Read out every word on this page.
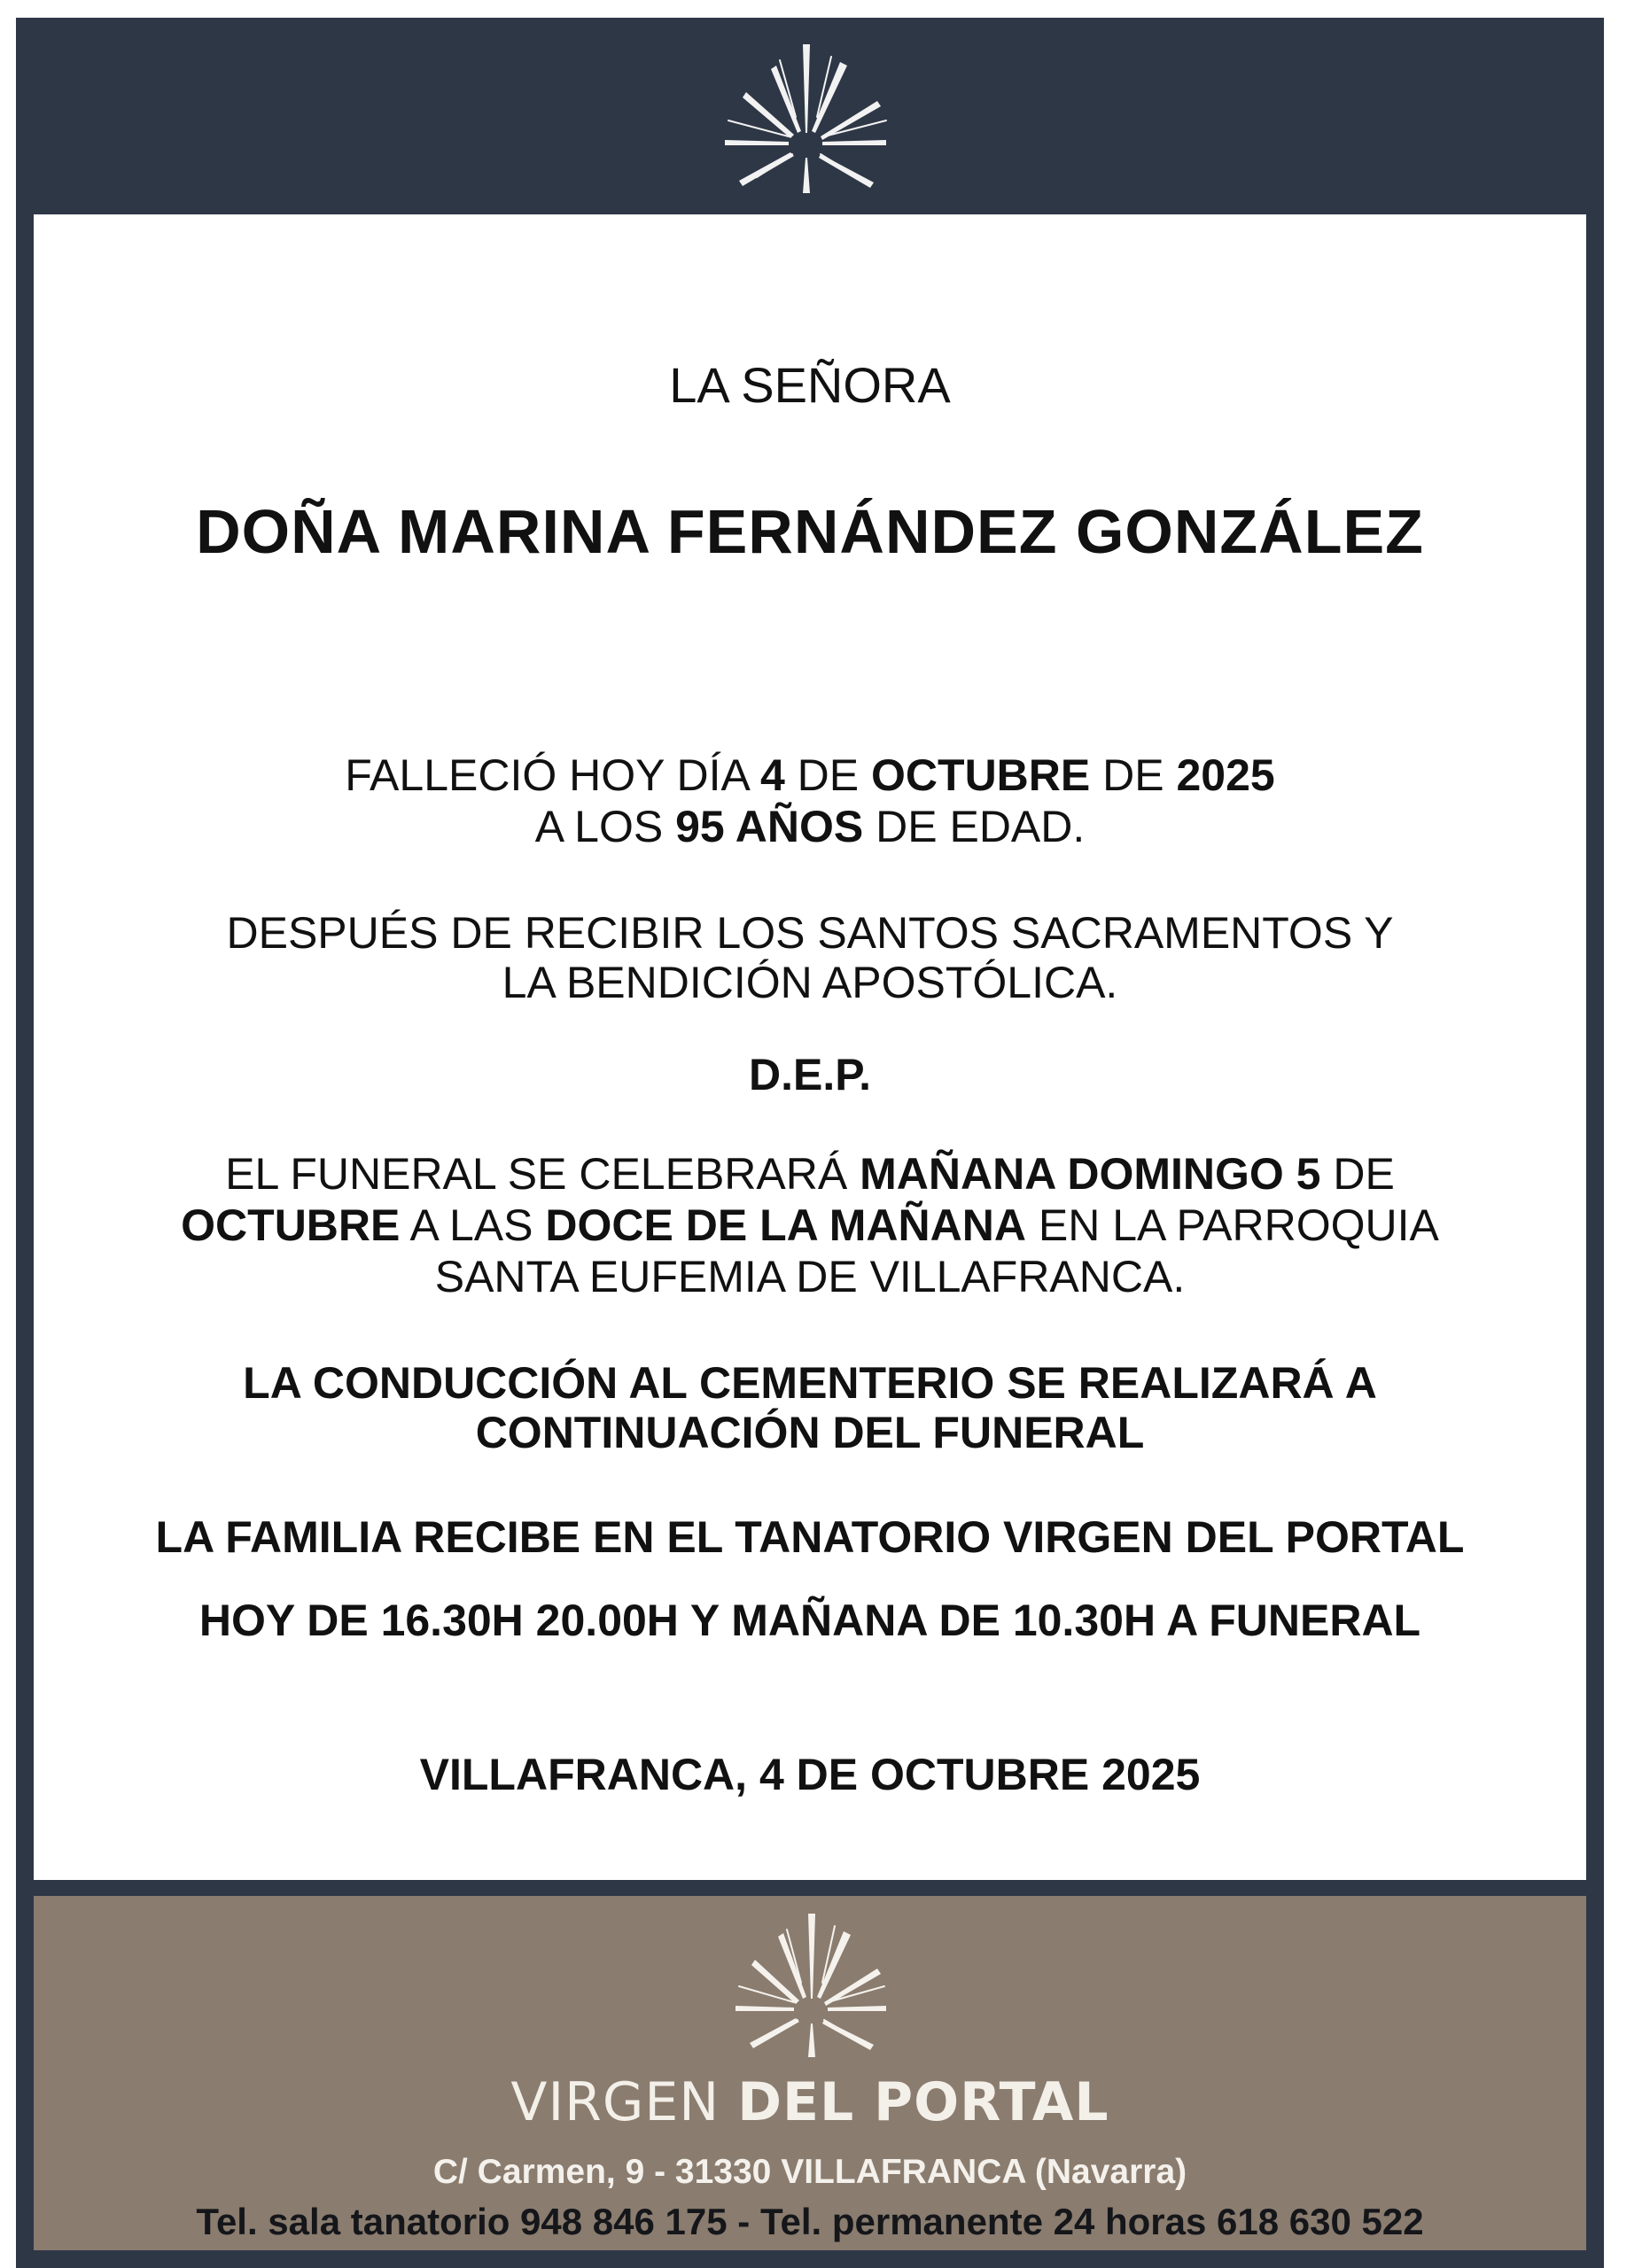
LA SEÑORA

DOÑA MARINA FERNÁNDEZ GONZÁLEZ

FALLECIÓ HOY DÍA 4 DE OCTUBRE DE 2025

A LOS 95 AÑOS DE EDAD.

DESPUÉS DE RECIBIR LOS SANTOS SACRAMENTOS Y

LA BENDICIÓN APOSTÓLICA.

D.E.P.

EL FUNERAL SE CELEBRARÁ MAÑANA DOMINGO 5 DE

OCTUBRE A LAS DOCE DE LA MAÑANA EN LA PARROQUIA

SANTA EUFEMIA DE VILLAFRANCA.

LA CONDUCCIÓN AL CEMENTERIO SE REALIZARÁ A

CONTINUACIÓN DEL FUNERAL

LA FAMILIA RECIBE EN EL TANATORIO VIRGEN DEL PORTAL

HOY DE 16.30H 20.00H Y MAÑANA DE 10.30H A FUNERAL

VILLAFRANCA, 4 DE OCTUBRE 2025

VIRGEN DEL PORTAL

C/ Carmen, 9 - 31330 VILLAFRANCA (Navarra)

Tel. sala tanatorio 948 846 175 - Tel. permanente 24 horas 618 630 522
